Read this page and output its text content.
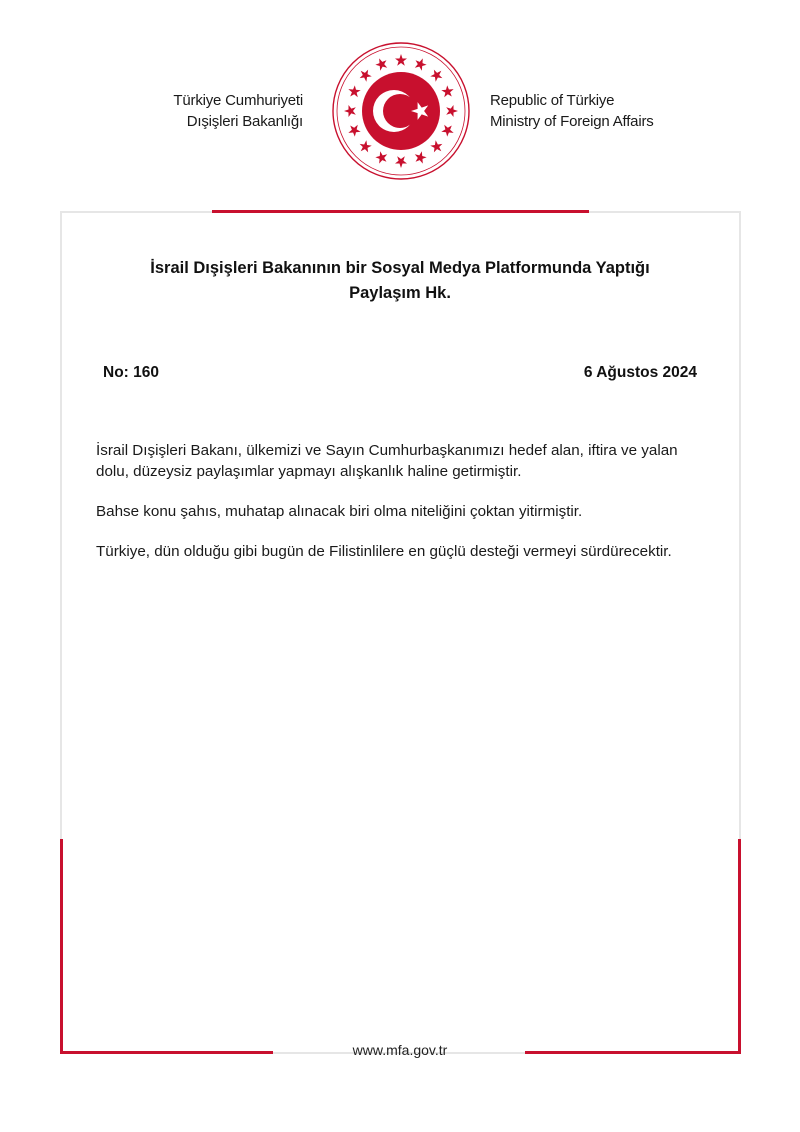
Türkiye Cumhuriyeti
Dışişleri Bakanlığı
Republic of Türkiye
Ministry of Foreign Affairs
İsrail Dışişleri Bakanının bir Sosyal Medya Platformunda Yaptığı
Paylaşım Hk.
No: 160	6 Ağustos 2024
İsrail Dışişleri Bakanı, ülkemizi ve Sayın Cumhurbaşkanımızı hedef alan, iftira ve yalan
dolu, düzeysiz paylaşımlar yapmayı alışkanlık haline getirmiştir.

Bahse konu şahıs, muhatap alınacak biri olma niteliğini çoktan yitirmiştir.

Türkiye, dün olduğu gibi bugün de Filistinlilere en güçlü desteği vermeyi sürdürecektir.

www.mfa.gov.tr
